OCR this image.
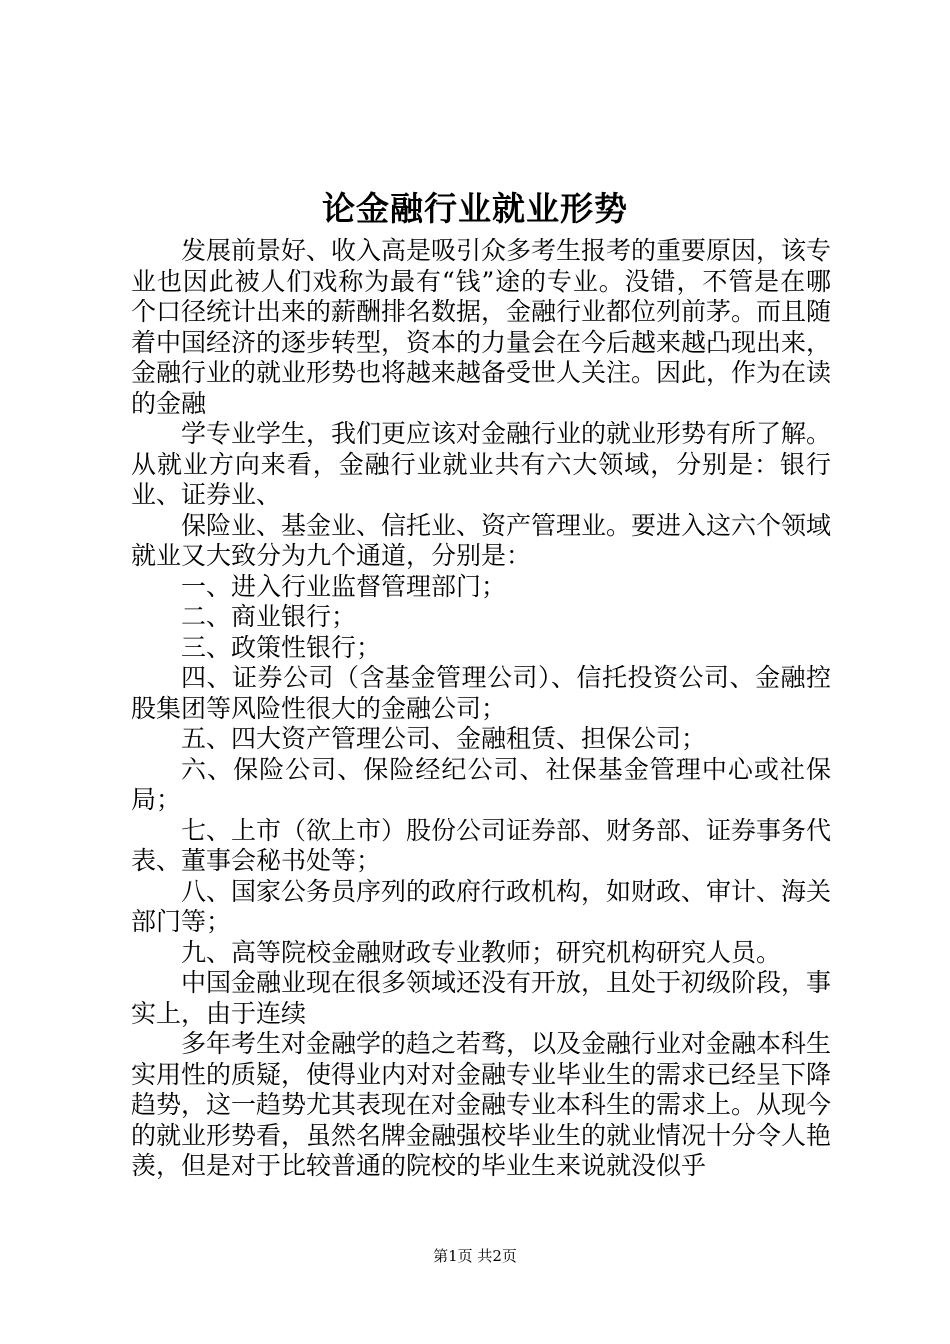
论金融行业就业形势

发展前景好、收入高是吸引众多考生报考的重要原因，该专业也因此被人们戏称为最有“钱”途的专业。没错，不管是在哪个口径统计出来的薪酬排名数据，金融行业都位列前茅。而且随着中国经济的逐步转型，资本的力量会在今后越来越凸现出来，金融行业的就业形势也将越来越备受世人关注。因此，作为在读的金融

学专业学生，我们更应该对金融行业的就业形势有所了解。从就业方向来看，金融行业就业共有六大领域，分别是：银行业、证券业、

保险业、基金业、信托业、资产管理业。要进入这六个领域就业又大致分为九个通道，分别是：

一、进入行业监督管理部门；

二、商业银行；

三、政策性银行；

四、证券公司（含基金管理公司）、信托投资公司、金融控股集团等风险性很大的金融公司；

五、四大资产管理公司、金融租赁、担保公司；

六、保险公司、保险经纪公司、社保基金管理中心或社保局；

七、上市（欲上市）股份公司证券部、财务部、证券事务代表、董事会秘书处等；

八、国家公务员序列的政府行政机构，如财政、审计、海关部门等；

九、高等院校金融财政专业教师；研究机构研究人员。

中国金融业现在很多领域还没有开放，且处于初级阶段，事实上，由于连续

多年考生对金融学的趋之若骛，以及金融行业对金融本科生实用性的质疑，使得业内对对金融专业毕业生的需求已经呈下降趋势，这一趋势尤其表现在对金融专业本科生的需求上。从现今的就业形势看，虽然名牌金融强校毕业生的就业情况十分令人艳羡，但是对于比较普通的院校的毕业生来说就没似乎

第1页 共2页
